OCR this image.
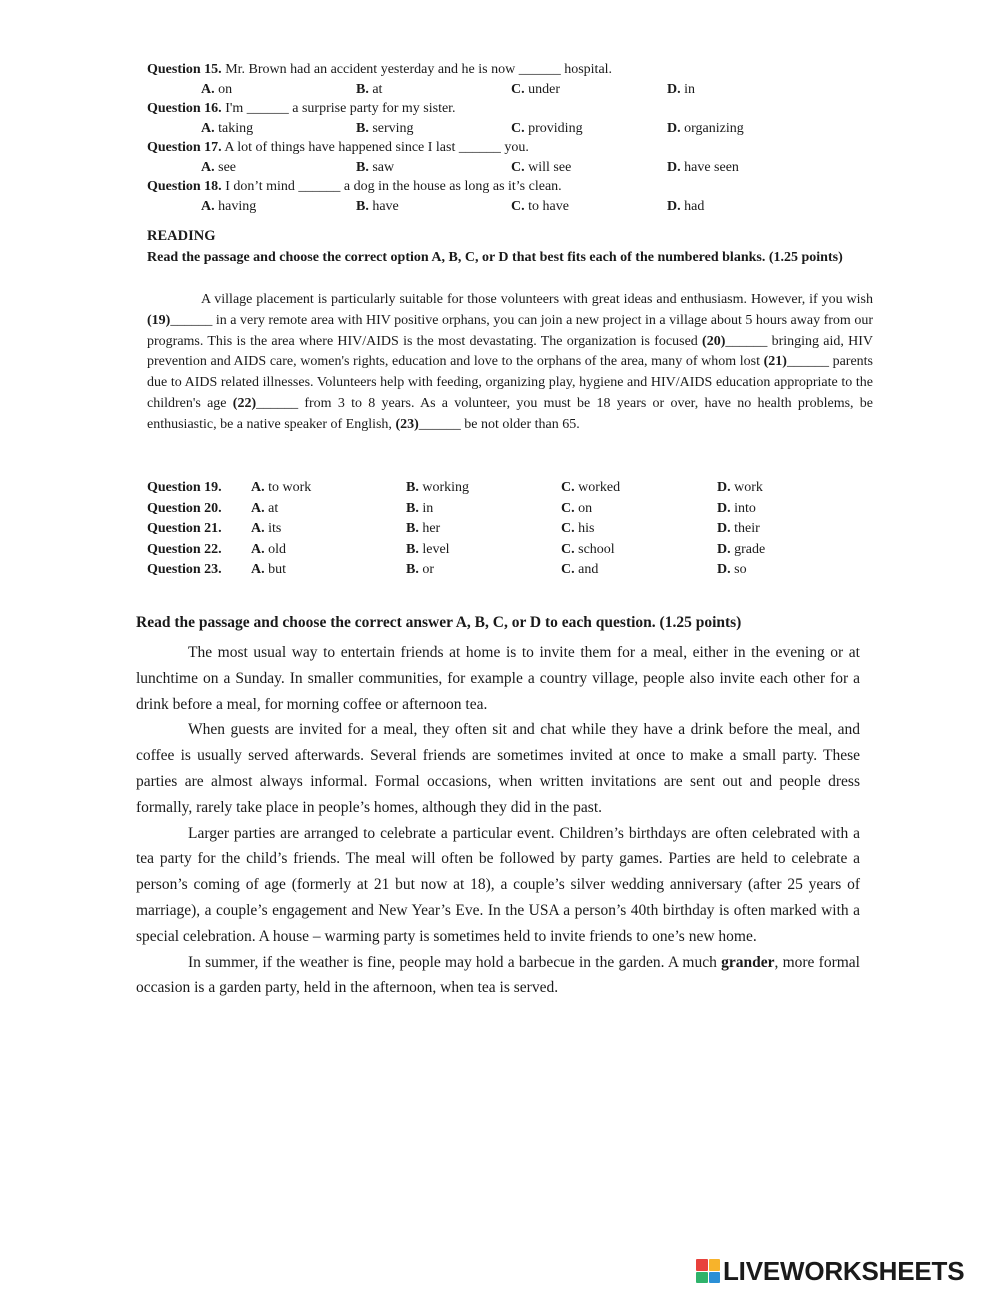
Question 15. Mr. Brown had an accident yesterday and he is now ______ hospital.
A. on	B. at	C. under	D. in
Question 16. I'm ______ a surprise party for my sister.
A. taking	B. serving	C. providing	D. organizing
Question 17. A lot of things have happened since I last ______ you.
A. see	B. saw	C. will see	D. have seen
Question 18. I don’t mind ______ a dog in the house as long as it’s clean.
A. having	B. have	C. to have	D. had
READING
Read the passage and choose the correct option A, B, C, or D that best fits each of the numbered blanks. (1.25 points)

A village placement is particularly suitable for those volunteers with great ideas and enthusiasm. However, if you wish (19)______ in a very remote area with HIV positive orphans, you can join a new project in a village about 5 hours away from our programs. This is the area where HIV/AIDS is the most devastating. The organization is focused (20)______ bringing aid, HIV prevention and AIDS care, women's rights, education and love to the orphans of the area, many of whom lost (21)______ parents due to AIDS related illnesses. Volunteers help with feeding, organizing play, hygiene and HIV/AIDS education appropriate to the children's age (22)______ from 3 to 8 years. As a volunteer, you must be 18 years or over, have no health problems, be enthusiastic, be a native speaker of English, (23)______ be not older than 65.

Question 19. A. to work	B. working	C. worked	D. work
Question 20. A. at	B. in	C. on	D. into
Question 21. A. its	B. her	C. his	D. their
Question 22. A. old	B. level	C. school	D. grade
Question 23. A. but	B. or	C. and	D. so
Read the passage and choose the correct answer A, B, C, or D to each question. (1.25 points)

The most usual way to entertain friends at home is to invite them for a meal, either in the evening or at lunchtime on a Sunday. In smaller communities, for example a country village, people also invite each other for a drink before a meal, for morning coffee or afternoon tea.

When guests are invited for a meal, they often sit and chat while they have a drink before the meal, and coffee is usually served afterwards. Several friends are sometimes invited at once to make a small party. These parties are almost always informal. Formal occasions, when written invitations are sent out and people dress formally, rarely take place in people’s homes, although they did in the past.

Larger parties are arranged to celebrate a particular event. Children’s birthdays are often celebrated with a tea party for the child’s friends. The meal will often be followed by party games. Parties are held to celebrate a person’s coming of age (formerly at 21 but now at 18), a couple’s silver wedding anniversary (after 25 years of marriage), a couple’s engagement and New Year’s Eve. In the USA a person’s 40th birthday is often marked with a special celebration. A house – warming party is sometimes held to invite friends to one’s new home.

In summer, if the weather is fine, people may hold a barbecue in the garden. A much grander, more formal occasion is a garden party, held in the afternoon, when tea is served.

LIVEWORKSHEETS
